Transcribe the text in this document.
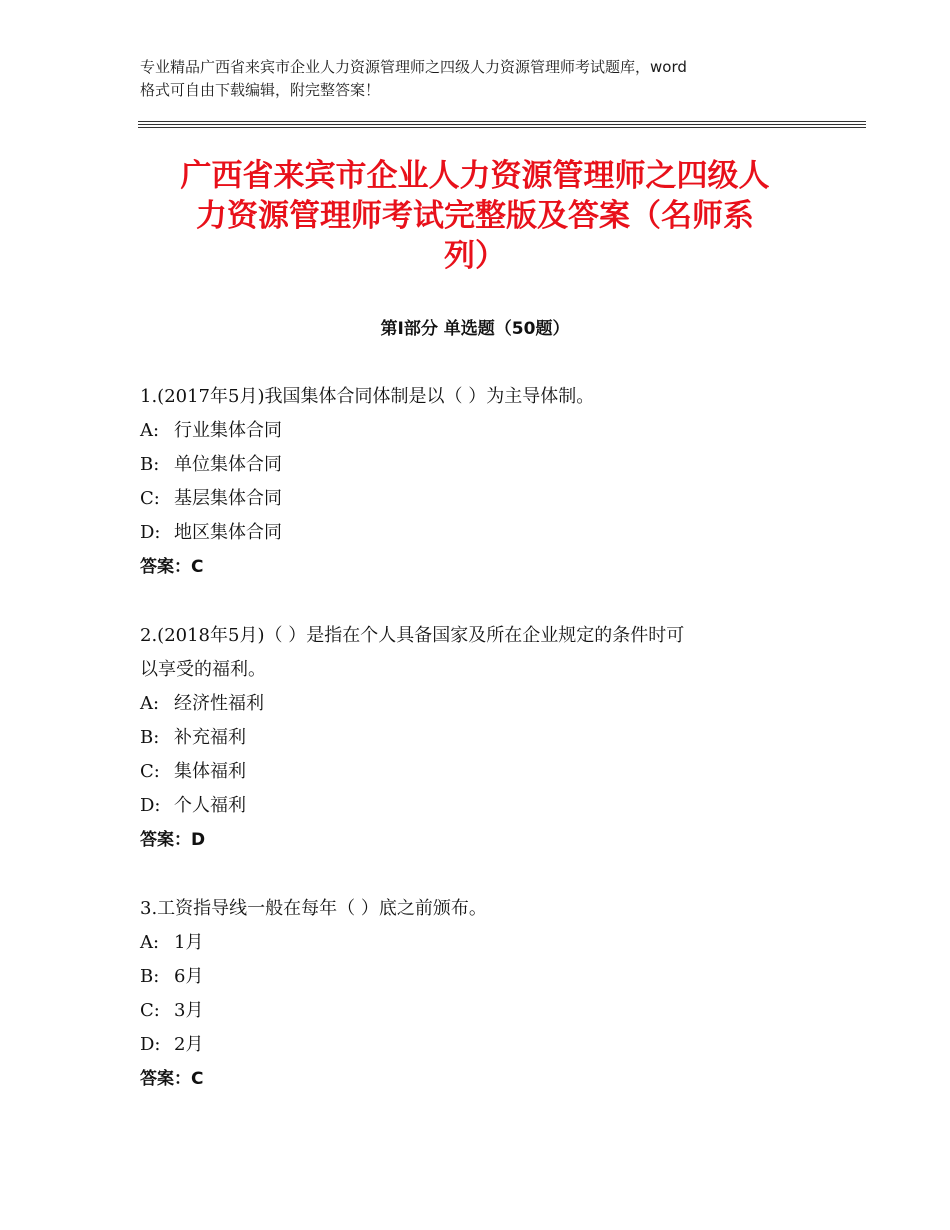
专业精品广西省来宾市企业人力资源管理师之四级人力资源管理师考试题库，word
格式可自由下载编辑，附完整答案！
广西省来宾市企业人力资源管理师之四级人
力资源管理师考试完整版及答案（名师系
列）
第Ⅰ部分 单选题（50题）

1.(2017年5月)我国集体合同体制是以（ ）为主导体制。

A: 行业集体合同

B: 单位集体合同

C: 基层集体合同

D: 地区集体合同

答案：C

2.(2018年5月)（ ）是指在个人具备国家及所在企业规定的条件时可

以享受的福利。

A: 经济性福利

B: 补充福利

C: 集体福利

D: 个人福利

答案：D

3.工资指导线一般在每年（ ）底之前颁布。

A: 1月

B: 6月

C: 3月

D: 2月

答案：C
